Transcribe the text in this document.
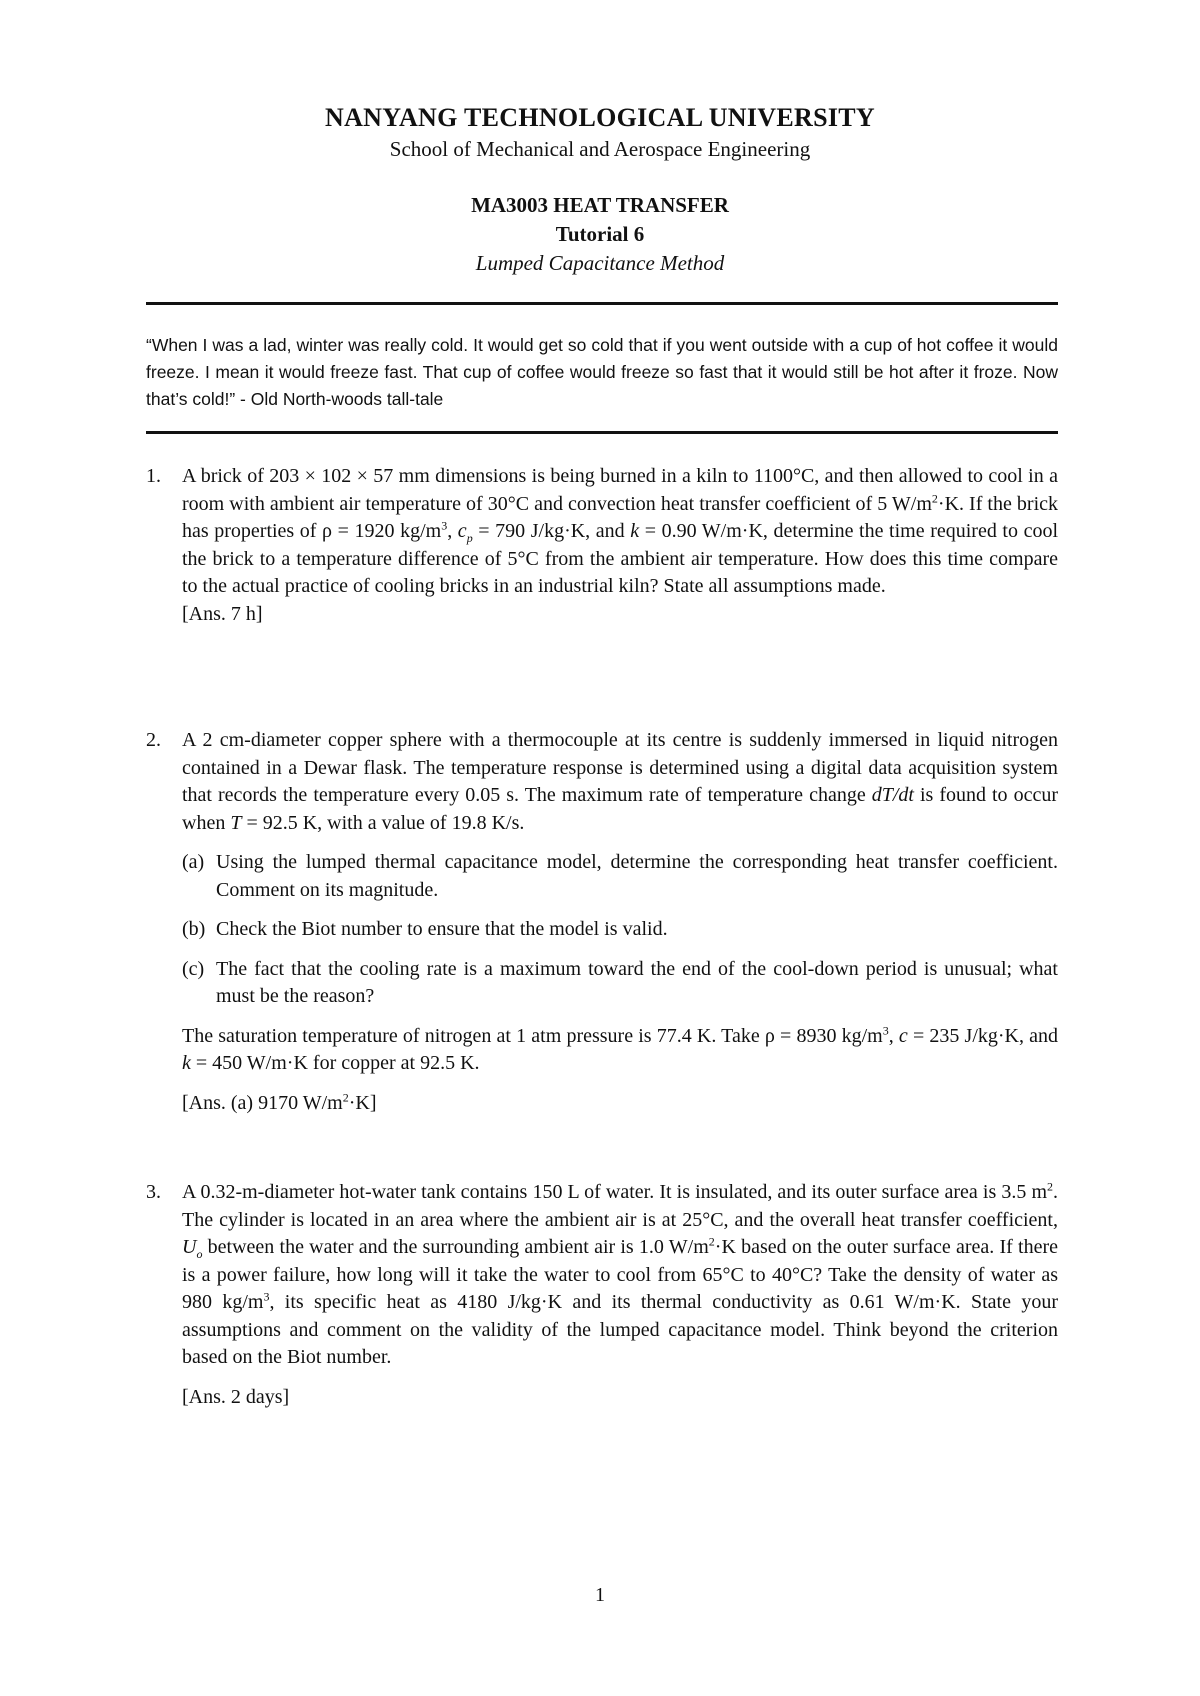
NANYANG TECHNOLOGICAL UNIVERSITY
School of Mechanical and Aerospace Engineering
MA3003 HEAT TRANSFER
Tutorial 6
Lumped Capacitance Method
“When I was a lad, winter was really cold. It would get so cold that if you went outside with a cup of hot coffee it would freeze. I mean it would freeze fast. That cup of coffee would freeze so fast that it would still be hot after it froze. Now that’s cold!” - Old North-woods tall-tale
1. A brick of 203 × 102 × 57 mm dimensions is being burned in a kiln to 1100°C, and then allowed to cool in a room with ambient air temperature of 30°C and convection heat transfer coefficient of 5 $W/m^2\cdot K$. If the brick has properties of ρ = 1920 $kg/m^3$, $c_p = 790$ J/kg·K, and k = 0.90 W/m·K, determine the time required to cool the brick to a temperature difference of 5°C from the ambient air temperature. How does this time compare to the actual practice of cooling bricks in an industrial kiln? State all assumptions made.

[Ans. 7 h]

2. A 2 cm-diameter copper sphere with a thermocouple at its centre is suddenly immersed in liquid nitrogen contained in a Dewar flask. The temperature response is determined using a digital data acquisition system that records the temperature every 0.05 s. The maximum rate of temperature change dT/dt is found to occur when T = 92.5 K, with a value of 19.8 K/s.

(a) Using the lumped thermal capacitance model, determine the corresponding heat transfer coefficient. Comment on its magnitude.

(b) Check the Biot number to ensure that the model is valid.

(c) The fact that the cooling rate is a maximum toward the end of the cool-down period is unusual; what must be the reason?

The saturation temperature of nitrogen at 1 atm pressure is 77.4 K. Take ρ = 8930 $kg/m^3$, c = 235 J/kg·K, and k = 450 W/m·K for copper at 92.5 K.

[Ans. (a) 9170 $W/m^2\cdot K$]

3. A 0.32-m-diameter hot-water tank contains 150 L of water. It is insulated, and its outer surface area is 3.5 $m^2$. The cylinder is located in an area where the ambient air is at 25°C, and the overall heat transfer coefficient, $U_o$ between the water and the surrounding ambient air is 1.0 $W/m^2\cdot K$ based on the outer surface area. If there is a power failure, how long will it take the water to cool from 65°C to 40°C? Take the density of water as 980 $kg/m^3$, its specific heat as 4180 J/kg·K and its thermal conductivity as 0.61 W/m·K. State your assumptions and comment on the validity of the lumped capacitance model. Think beyond the criterion based on the Biot number.

[Ans. 2 days]

1
